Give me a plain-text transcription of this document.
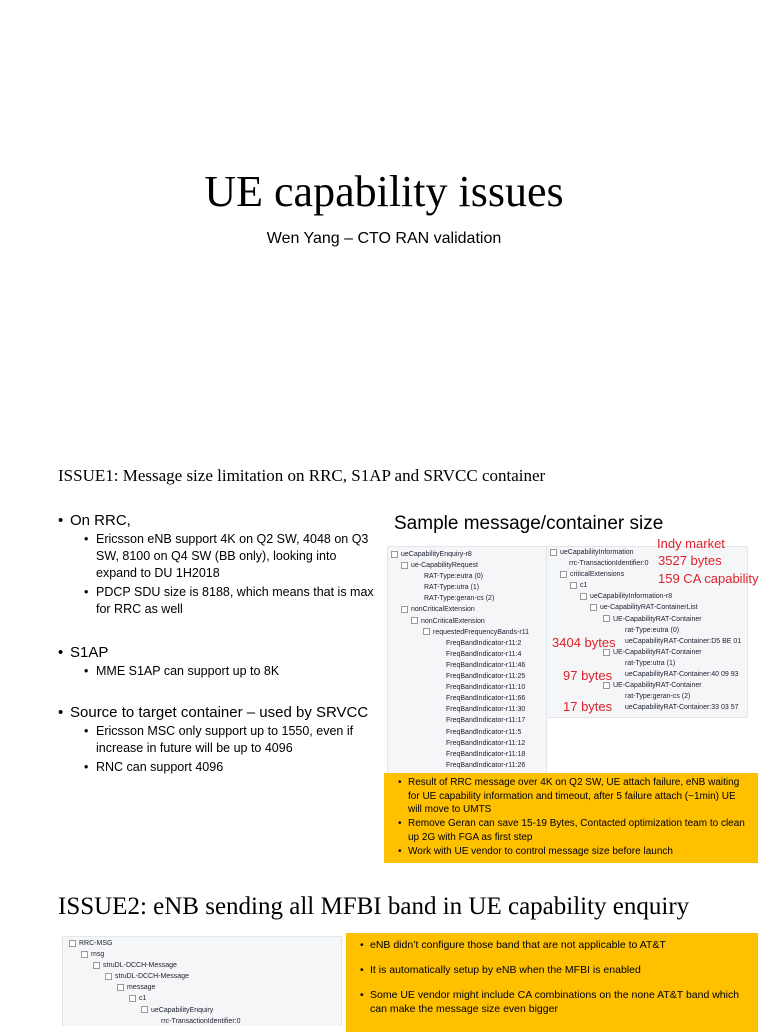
UE capability issues
Wen Yang – CTO RAN validation
ISSUE1: Message size limitation on RRC, S1AP and SRVCC container

• On RRC,

• Ericsson eNB support 4K on Q2 SW, 4048 on Q3 SW, 8100 on Q4 SW (BB only), looking into expand to DU 1H2018

• PDCP SDU size is 8188, which means that is max for RRC as well

• S1AP

• MME S1AP can support up to 8K

• Source to target container – used by SRVCC

• Ericsson MSC only support up to 1550, even if increase in future will be up to 4096

• RNC can support 4096

Sample message/container size
ueCapabilityEnquiry-r8
ue-CapabilityRequest
RAT-Type:eutra (0)
RAT-Type:utra (1)
RAT-Type:geran-cs (2)
nonCriticalExtension
nonCriticalExtension
requestedFrequencyBands-r11
FreqBandIndicator-r11:2
FreqBandIndicator-r11:4
FreqBandIndicator-r11:46
FreqBandIndicator-r11:25
FreqBandIndicator-r11:10
FreqBandIndicator-r11:66
FreqBandIndicator-r11:30
FreqBandIndicator-r11:17
FreqBandIndicator-r11:5
FreqBandIndicator-r11:12
FreqBandIndicator-r11:18
FreqBandIndicator-r11:26
ueCapabilityInformation
rrc-TransactionIdentifier:0
criticalExtensions
c1
ueCapabilityInformation-r8
ue-CapabilityRAT-ContainerList
UE-CapabilityRAT-Container
rat-Type:eutra (0)
ueCapabilityRAT-Container:D5 BE 01
UE-CapabilityRAT-Container
rat-Type:utra (1)
ueCapabilityRAT-Container:40 09 93
UE-CapabilityRAT-Container
rat-Type:geran-cs (2)
ueCapabilityRAT-Container:33 03 57
Indy market
3527 bytes
159 CA capability
3404 bytes
97 bytes
17 bytes
• Result of RRC message over 4K on Q2 SW, UE attach failure, eNB waiting for UE capability information and timeout, after 5 failure attach (~1min) UE will move to UMTS
• Remove Geran can save 15-19 Bytes, Contacted optimization team to clean up 2G with FGA as first step
• Work with UE vendor to control message size before launch
ISSUE2: eNB sending all MFBI band in UE capability enquiry
RRC-MSG
msg
struDL-DCCH-Message
struDL-DCCH-Message
message
c1
ueCapabilityEnquiry
rrc-TransactionIdentifier:0
• eNB didn’t configure those band that are not applicable to AT&T
• It is automatically setup by eNB when the MFBI is enabled
• Some UE vendor might include CA combinations on the none AT&T band which can make the message size even bigger
